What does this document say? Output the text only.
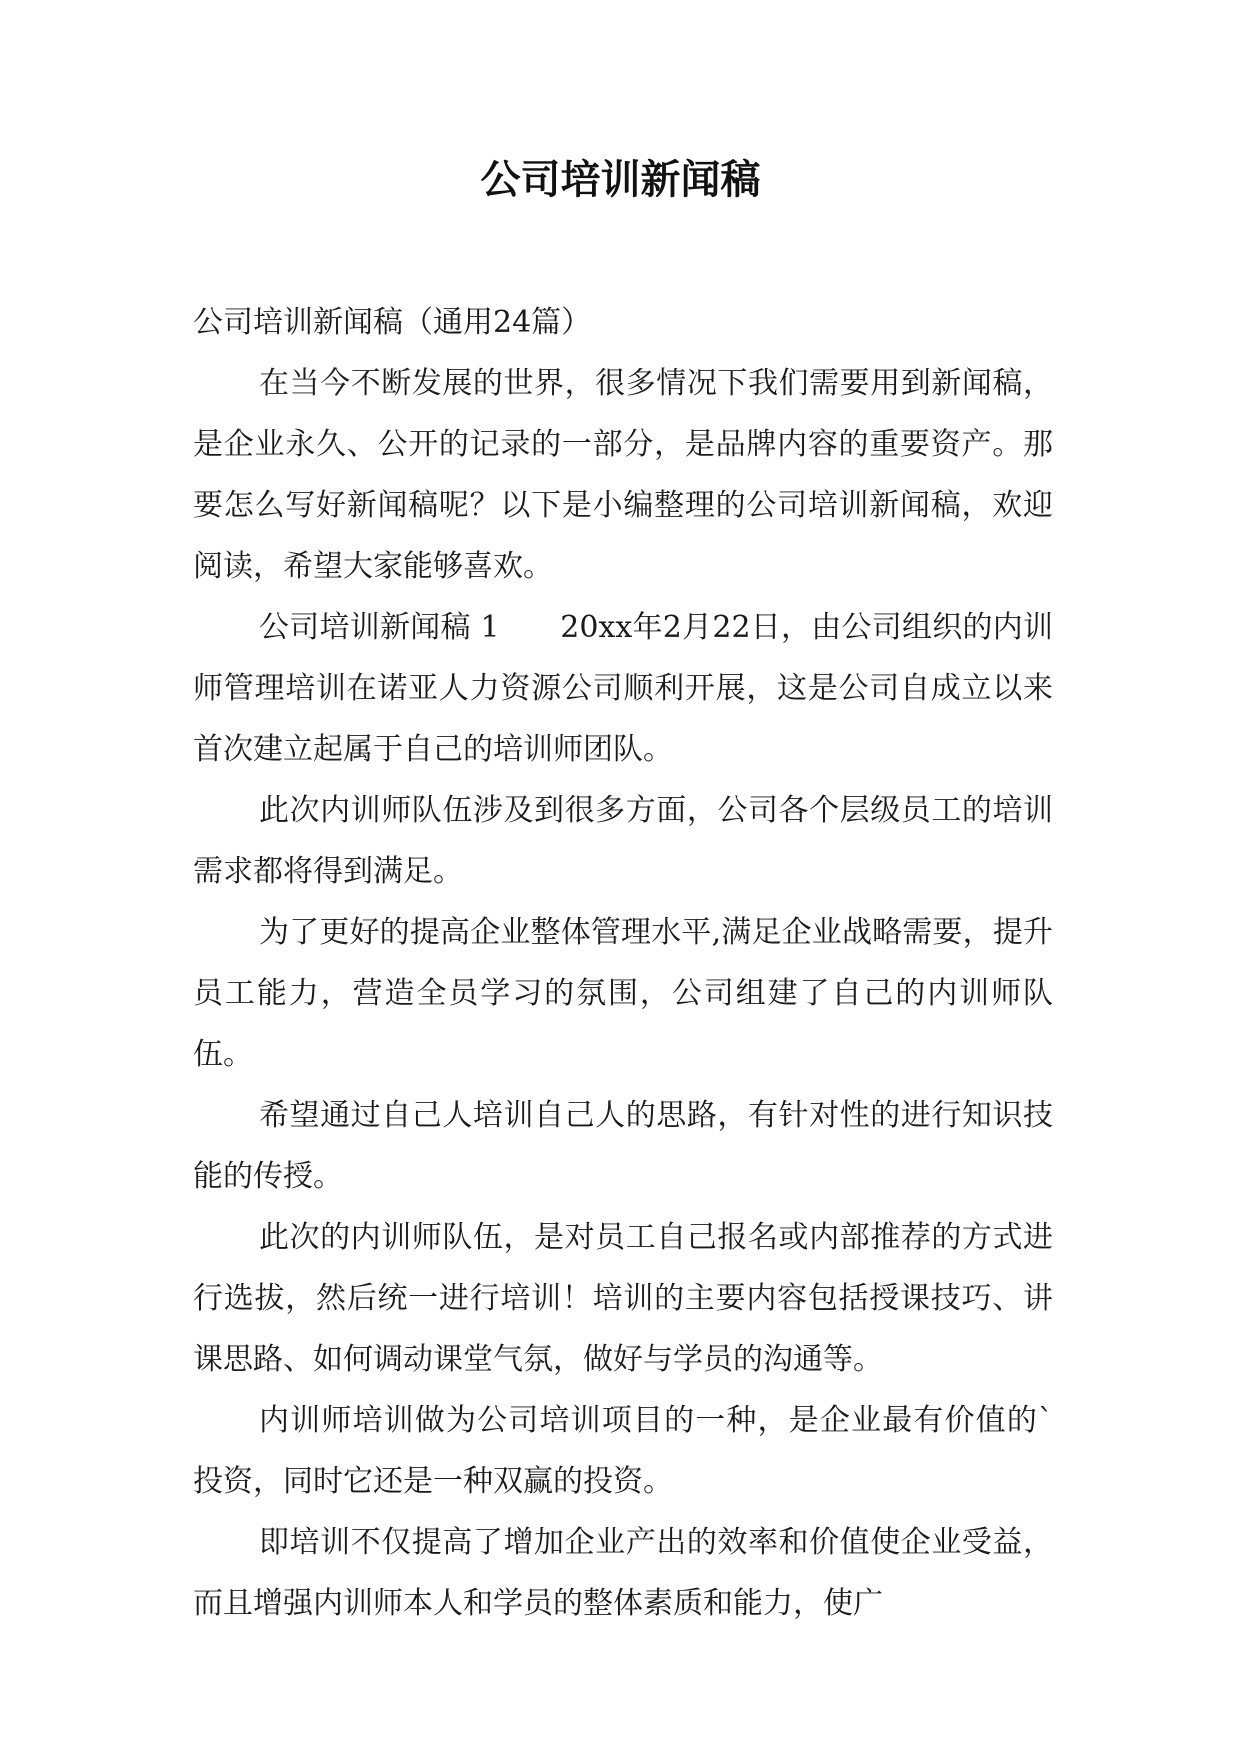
公司培训新闻稿

公司培训新闻稿（通用24篇）

在当今不断发展的世界，很多情况下我们需要用到新闻稿，是企业永久、公开的记录的一部分，是品牌内容的重要资产。那要怎么写好新闻稿呢？以下是小编整理的公司培训新闻稿，欢迎阅读，希望大家能够喜欢。

公司培训新闻稿 1　　20xx年2月22日，由公司组织的内训师管理培训在诺亚人力资源公司顺利开展，这是公司自成立以来首次建立起属于自己的培训师团队。

此次内训师队伍涉及到很多方面，公司各个层级员工的培训需求都将得到满足。

为了更好的提高企业整体管理水平,满足企业战略需要，提升员工能力，营造全员学习的氛围，公司组建了自己的内训师队伍。

希望通过自己人培训自己人的思路，有针对性的进行知识技能的传授。

此次的内训师队伍，是对员工自己报名或内部推荐的方式进行选拔，然后统一进行培训！培训的主要内容包括授课技巧、讲课思路、如何调动课堂气氛，做好与学员的沟通等。

内训师培训做为公司培训项目的一种，是企业最有价值的`投资，同时它还是一种双赢的投资。

即培训不仅提高了增加企业产出的效率和价值使企业受益，而且增强内训师本人和学员的整体素质和能力，使广
